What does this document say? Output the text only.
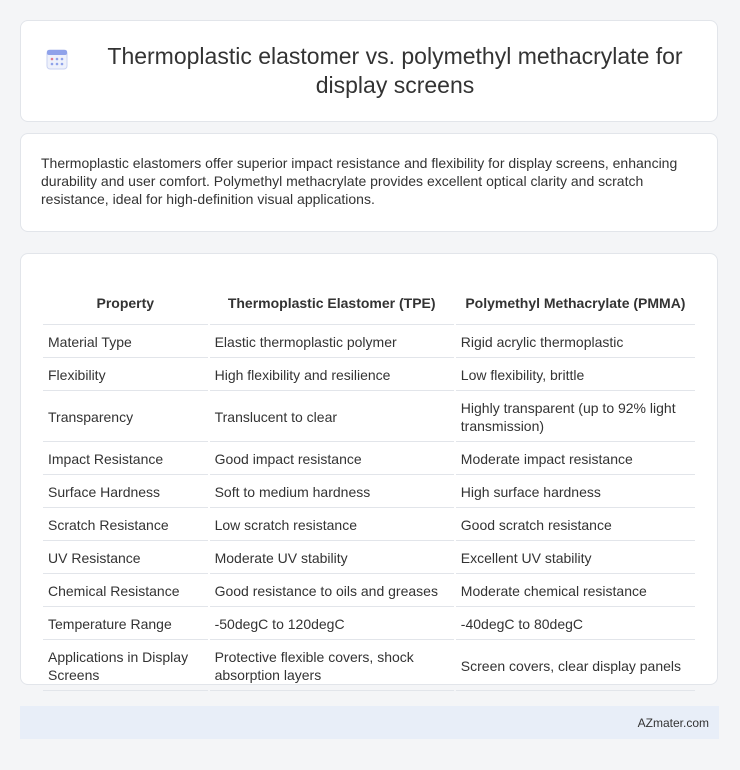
Thermoplastic elastomer vs. polymethyl methacrylate for display screens

Thermoplastic elastomers offer superior impact resistance and flexibility for display screens, enhancing durability and user comfort. Polymethyl methacrylate provides excellent optical clarity and scratch resistance, ideal for high-definition visual applications.

Property	Thermoplastic Elastomer (TPE)	Polymethyl Methacrylate (PMMA)
Material Type	Elastic thermoplastic polymer	Rigid acrylic thermoplastic
Flexibility	High flexibility and resilience	Low flexibility, brittle
Transparency	Translucent to clear	Highly transparent (up to 92% light transmission)
Impact Resistance	Good impact resistance	Moderate impact resistance
Surface Hardness	Soft to medium hardness	High surface hardness
Scratch Resistance	Low scratch resistance	Good scratch resistance
UV Resistance	Moderate UV stability	Excellent UV stability
Chemical Resistance	Good resistance to oils and greases	Moderate chemical resistance
Temperature Range	-50degC to 120degC	-40degC to 80degC
Applications in Display Screens	Protective flexible covers, shock absorption layers	Screen covers, clear display panels
AZmater.com
